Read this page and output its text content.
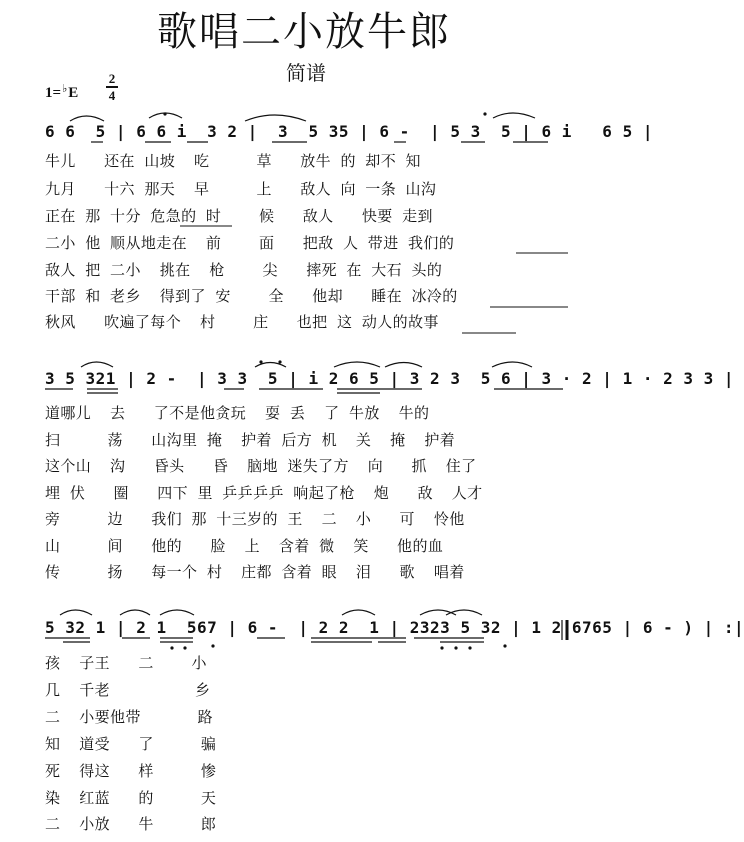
歌唱二小放牛郎
简谱
1=♭E
2
4
6 6  5 | 6 6 i  3 2 |  3  5 35 | 6 -  | 5 3  5 | 6 i   6 5 |
牛儿   还在 山坡  吃     草   放牛 的 却不 知
九月   十六 那天  早     上   敌人 向 一条 山沟
正在 那 十分 危急的 时    候   敌人   快要 走到
二小 他 顺从地走在  前    面   把敌 人 带进 我们的
敌人 把 二小  挑在  枪    尖   摔死 在 大石 头的
干部 和 老乡  得到了 安    全   他却   睡在 冰冷的
秋风   吹遍了每个  村    庄   也把 这 动人的故事
3 5 321 | 2 -  | 3 3  5 | i 2 6 5 | 3 2 3  5 6 | 3 · 2 | 1 · 2 3 3 |
道哪儿  去   了不是他贪玩  耍 丢  了 牛放  牛的
扫     荡   山沟里 掩  护着 后方 机  关  掩  护着
这个山  沟   昏头   昏  脑地 迷失了方  向   抓  住了
埋 伏   圈   四下 里 乒乒乒乒 响起了枪  炮   敌  人才
旁     边   我们 那 十三岁的 王  二  小   可  怜他
山     间   他的   脸  上  含着 微  笑   他的血
传     扬   每一个 村  庄都 含着 眼  泪   歌  唱着
5 32 1 | 2 1  567 | 6 -  | 2 2  1 | 2323 5 32 | 1 2 6765 | 6 - ) | :|
孩  子王   二    小
几  千老         乡
二  小要他带      路
知  道受   了     骗
死  得这   样     惨
染  红蓝   的     天
二  小放   牛     郎
